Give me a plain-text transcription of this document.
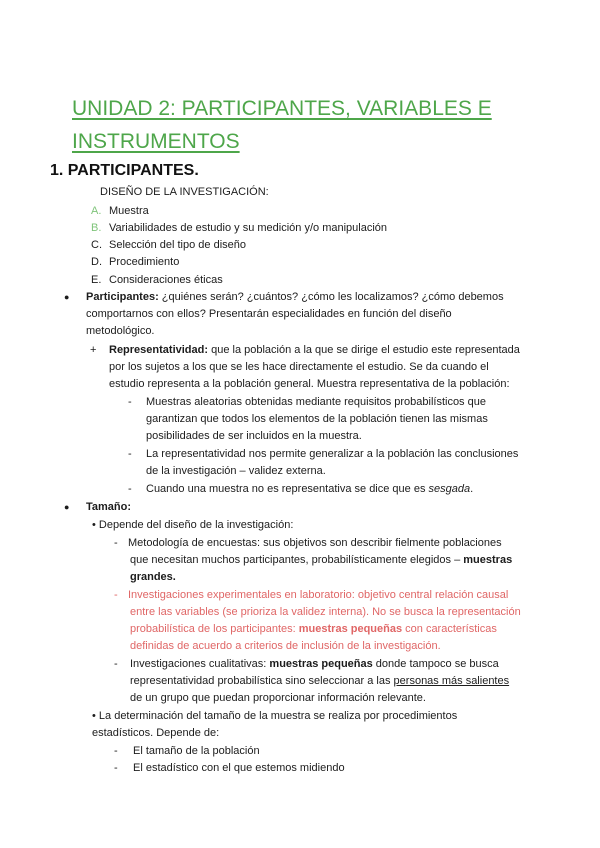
UNIDAD 2: PARTICIPANTES, VARIABLES E
INSTRUMENTOS
1. PARTICIPANTES.
DISEÑO DE LA INVESTIGACIÓN:
A. Muestra
B. Variabilidades de estudio y su medición y/o manipulación
C. Selección del tipo de diseño
D. Procedimiento
E. Consideraciones éticas
● Participantes: ¿quiénes serán? ¿cuántos? ¿cómo les localizamos? ¿cómo debemos
comportarnos con ellos? Presentarán especialidades en función del diseño
metodológico.
+ Representatividad: que la población a la que se dirige el estudio este representada
por los sujetos a los que se les hace directamente el estudio. Se da cuando el
estudio representa a la población general. Muestra representativa de la población:
- Muestras aleatorias obtenidas mediante requisitos probabilísticos que
garantizan que todos los elementos de la población tienen las mismas
posibilidades de ser incluidos en la muestra.
- La representatividad nos permite generalizar a la población las conclusiones
de la investigación – validez externa.
- Cuando una muestra no es representativa se dice que es sesgada.
● Tamaño:
• Depende del diseño de la investigación:
- Metodología de encuestas: sus objetivos son describir fielmente poblaciones
que necesitan muchos participantes, probabilísticamente elegidos – muestras
grandes.
- Investigaciones experimentales en laboratorio: objetivo central relación causal
entre las variables (se prioriza la validez interna). No se busca la representación
probabilística de los participantes: muestras pequeñas con características
definidas de acuerdo a criterios de inclusión de la investigación.
- Investigaciones cualitativas: muestras pequeñas donde tampoco se busca
representatividad probabilística sino seleccionar a las personas más salientes
de un grupo que puedan proporcionar información relevante.
• La determinación del tamaño de la muestra se realiza por procedimientos
estadísticos. Depende de:
- El tamaño de la población
- El estadístico con el que estemos midiendo
